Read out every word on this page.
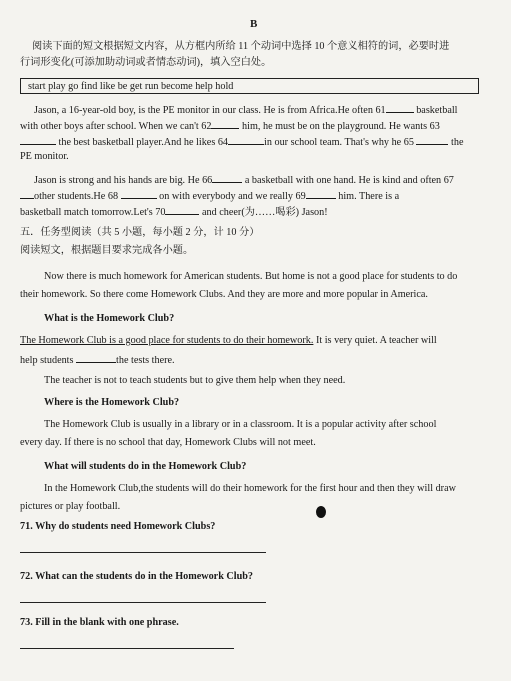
B
阅读下面的短文根据短文内容，从方框内所给 11 个动词中选择 10 个意义相符的词，必要时进
行词形变化(可添加助动词或者情态动词)，填入空白处。
start play go find like be get run become help hold
Jason, a 16-year-old boy, is the PE monitor in our class. He is from Africa.He often 61	basketball
with other boys after school. When we can't 62	him, he must be on the playground. He wants 63
the best basketball player.And he likes 64	in our school team. That's why he 65	the
PE monitor.
Jason is strong and his hands are big. He 66	a basketball with one hand. He is kind and often 67
other students.He 68	on with everybody and we really 69	him. There is a
basketball match tomorrow.Let's 70	and cheer(为……喝彩) Jason!
五．任务型阅读（共 5 小题，每小题 2 分，计 10 分）
阅读短文，根据题目要求完成各小题。
Now there is much homework for American students. But home is not a good place for students to do
their homework. So there come Homework Clubs. And they are more and more popular in America.
What is the Homework Club?
The Homework Club is a good place for students to do their homework. It is very quiet. A teacher will
help students	the tests there.
The teacher is not to teach students but to give them help when they need.
Where is the Homework Club?
The Homework Club is usually in a library or in a classroom. It is a popular activity after school
every day. If there is no school that day, Homework Clubs will not meet.
What will students do in the Homework Club?
In the Homework Club,the students will do their homework for the first hour and then they will draw
pictures or play football.
71. Why do students need Homework Clubs?
72. What can the students do in the Homework Club?
73. Fill in the blank with one phrase.
